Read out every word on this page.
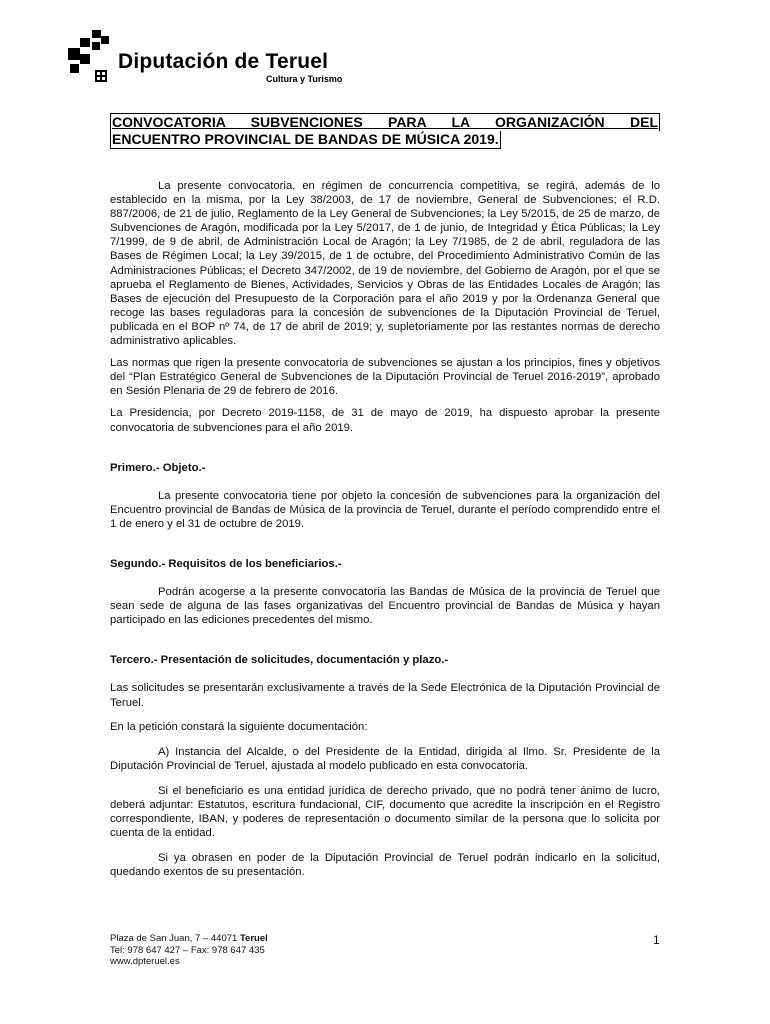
Diputación de Teruel
Cultura y Turismo
CONVOCATORIA SUBVENCIONES PARA LA ORGANIZACIÓN DEL
ENCUENTRO PROVINCIAL DE BANDAS DE MÚSICA 2019.

La presente convocatoria, en régimen de concurrencia competitiva, se regirá, además de lo establecido en la misma, por la Ley 38/2003, de 17 de noviembre, General de Subvenciones; el R.D. 887/2006, de 21 de julio, Reglamento de la Ley General de Subvenciones; la Ley 5/2015, de 25 de marzo, de Subvenciones de Aragón, modificada por la Ley 5/2017, de 1 de junio, de Integridad y Ética Públicas; la Ley 7/1999, de 9 de abril, de Administración Local de Aragón; la Ley 7/1985, de 2 de abril, reguladora de las Bases de Régimen Local; la Ley 39/2015, de 1 de octubre, del Procedimiento Administrativo Común de las Administraciones Públicas; el Decreto 347/2002, de 19 de noviembre, del Gobierno de Aragón, por el que se aprueba el Reglamento de Bienes, Actividades, Servicios y Obras de las Entidades Locales de Aragón; las Bases de ejecución del Presupuesto de la Corporación para el año 2019 y por la Ordenanza General que recoge las bases reguladoras para la concesión de subvenciones de la Diputación Provincial de Teruel, publicada en el BOP nº 74, de 17 de abril de 2019; y, supletoriamente por las restantes normas de derecho administrativo aplicables.

Las normas que rigen la presente convocatoria de subvenciones se ajustan a los principios, fines y objetivos del “Plan Estratégico General de Subvenciones de la Diputación Provincial de Teruel 2016-2019”, aprobado en Sesión Plenaria de 29 de febrero de 2016.

La Presidencia, por Decreto 2019-1158, de 31 de mayo de 2019, ha dispuesto aprobar la presente convocatoria de subvenciones para el año 2019.

Primero.- Objeto.-

La presente convocatoria tiene por objeto la concesión de subvenciones para la organización del Encuentro provincial de Bandas de Música de la provincia de Teruel, durante el período comprendido entre el 1 de enero y el 31 de octubre de 2019.

Segundo.- Requisitos de los beneficiarios.-

Podrán acogerse a la presente convocatoria las Bandas de Música de la provincia de Teruel que sean sede de alguna de las fases organizativas del Encuentro provincial de Bandas de Música y hayan participado en las ediciones precedentes del mismo.

Tercero.- Presentación de solicitudes, documentación y plazo.-

Las solicitudes se presentarán exclusivamente a través de la Sede Electrónica de la Diputación Provincial de Teruel.

En la petición constará la siguiente documentación:

A) Instancia del Alcalde, o del Presidente de la Entidad, dirigida al Ilmo. Sr. Presidente de la Diputación Provincial de Teruel, ajustada al modelo publicado en esta convocatoria.

Si el beneficiario es una entidad jurídica de derecho privado, que no podrá tener ánimo de lucro, deberá adjuntar: Estatutos, escritura fundacional, CIF, documento que acredite la inscripción en el Registro correspondiente, IBAN, y poderes de representación o documento similar de la persona que lo solicita por cuenta de la entidad.

Si ya obrasen en poder de la Diputación Provincial de Teruel podrán indicarlo en la solicitud, quedando exentos de su presentación.

Plaza de San Juan, 7 – 44071 Teruel
Tel: 978 647 427 – Fax: 978 647 435
www.dpteruel.es
1
